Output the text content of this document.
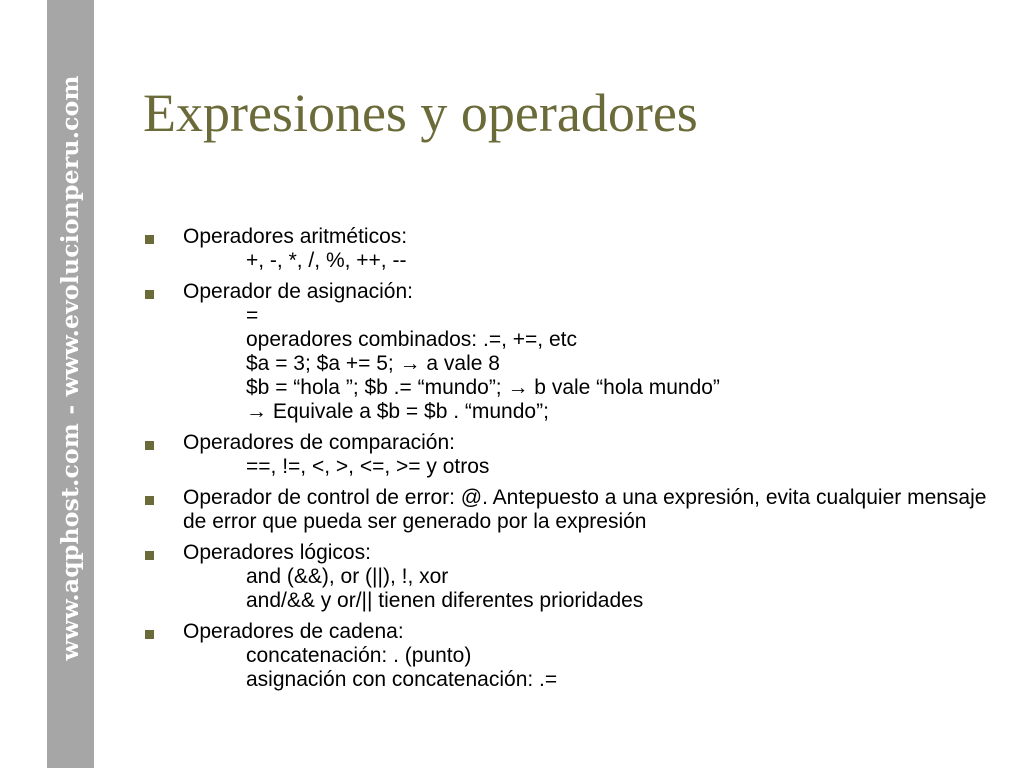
www.aqphost.com - www.evolucionperu.com Expresiones y operadores
Operadores aritméticos:
+, -, *, /, %, ++, --
Operador de asignación:
=
operadores combinados: .=, +=, etc
$a = 3; $a += 5; → a vale 8
$b = “hola ”; $b .= “mundo”; → b vale “hola mundo”
→ Equivale a $b = $b . “mundo”;
Operadores de comparación:
==, !=, <, >, <=, >= y otros
Operador de control de error: @. Antepuesto a una expresión, evita cualquier mensaje de error que pueda ser generado por la expresión
Operadores lógicos:
and (&&), or (||), !, xor
and/&& y or/|| tienen diferentes prioridades
Operadores de cadena:
concatenación: . (punto)
asignación con concatenación: .=
